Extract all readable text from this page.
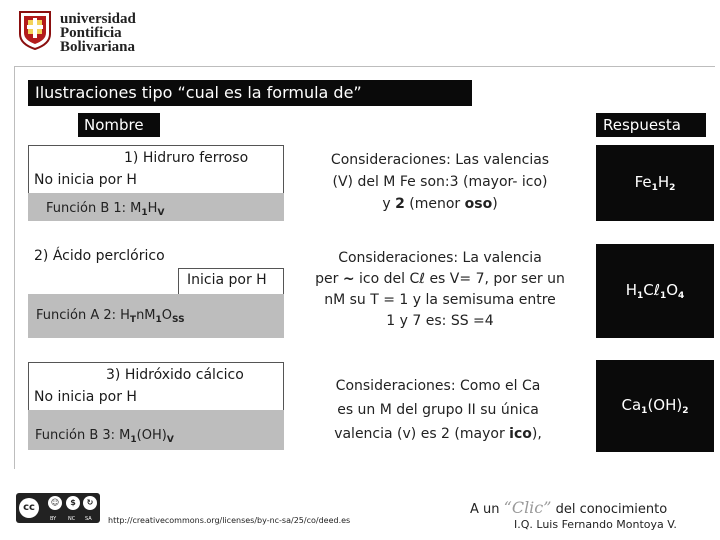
universidad
Pontificia
Bolivariana
Ilustraciones tipo “cual es la formula de”
Nombre	Respuesta
1) Hidruro ferroso
No inicia por H
Función B 1: $M_1H_V$
Consideraciones: Las valencias
(V) del M Fe son:3 (mayor- ico)
y 2 (menor oso)
$Fe_1H_2$
2) Ácido perclórico
Inicia por H
Función A 2: $H_TnM_1O_{SS}$
Consideraciones: La valencia
per ~ ico del Cℓ es V= 7, por ser un
nM su T = 1 y la semisuma entre
1 y 7 es: SS =4
$H_1C\ell_1O_4$
3) Hidróxido cálcico
No inicia por H
Función B 3: $M_1(OH)_V$
Consideraciones: Como el Ca
es un M del grupo II su única
valencia (v) es 2 (mayor ico),
$Ca_1(OH)_2$
cc	☺	$	↻
BY NC SA http://creativecommons.org/licenses/by-nc-sa/25/co/deed.es
A un “Clic” del conocimiento
I.Q. Luis Fernando Montoya V.
